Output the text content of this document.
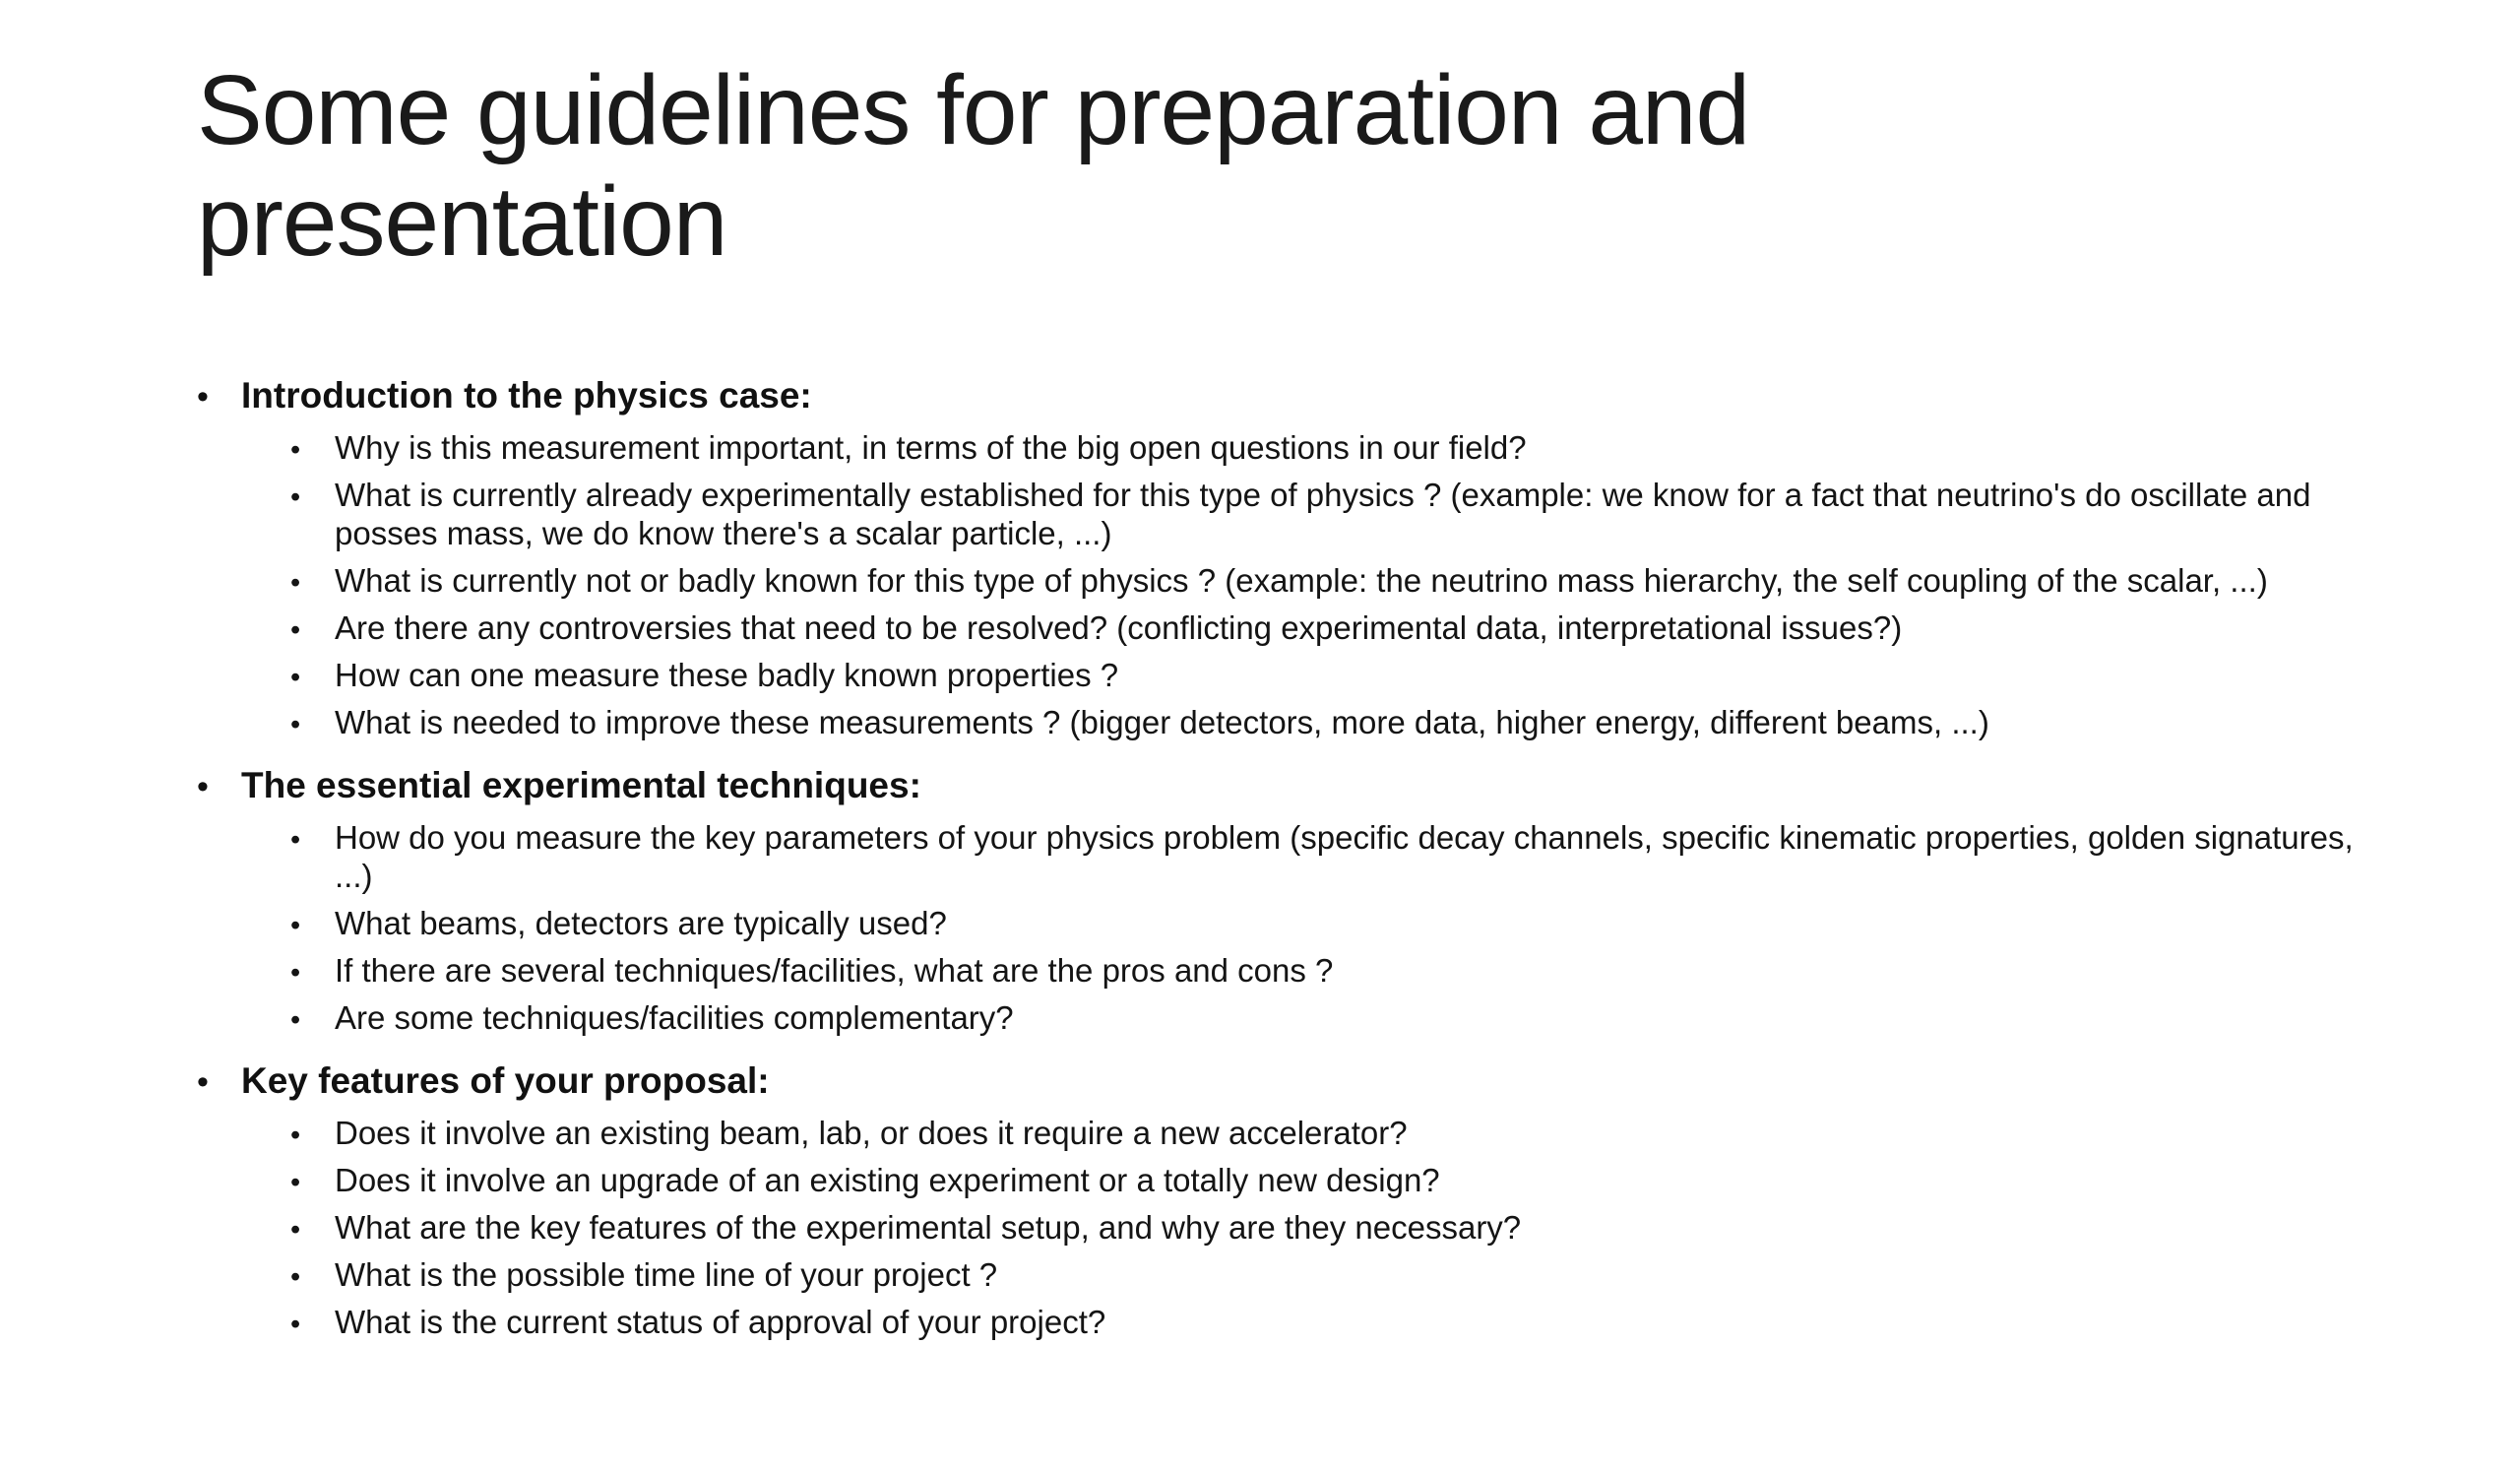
Some guidelines for preparation and
presentation
• Introduction to the physics case:
•	Why is this measurement important, in terms of the big open questions in our field?
•	What is currently already experimentally established for this type of physics ? (example: we know for a fact that neutrino's do oscillate and posses mass, we do know there's a scalar particle, ...)
•	What is currently not or badly known for this type of physics ? (example: the neutrino mass hierarchy, the self coupling of the scalar, ...)
•	Are there any controversies that need to be resolved? (conflicting experimental data, interpretational issues?)
•	How can one measure these badly known properties ?
•	What is needed to improve these measurements ? (bigger detectors, more data, higher energy, different beams, ...)
• The essential experimental techniques:
•	How do you measure the key parameters of your physics problem (specific decay channels, specific kinematic properties, golden signatures, ...)
•	What beams, detectors are typically used?
•	If there are several techniques/facilities, what are the pros and cons ?
•	Are some techniques/facilities complementary?
• Key features of your proposal:
•	Does it involve an existing beam, lab, or does it require a new accelerator?
•	Does it involve an upgrade of an existing experiment or a totally new design?
•	What are the key features of the experimental setup, and why are they necessary?
•	What is the possible time line of your project ?
•	What is the current status of approval of your project?
